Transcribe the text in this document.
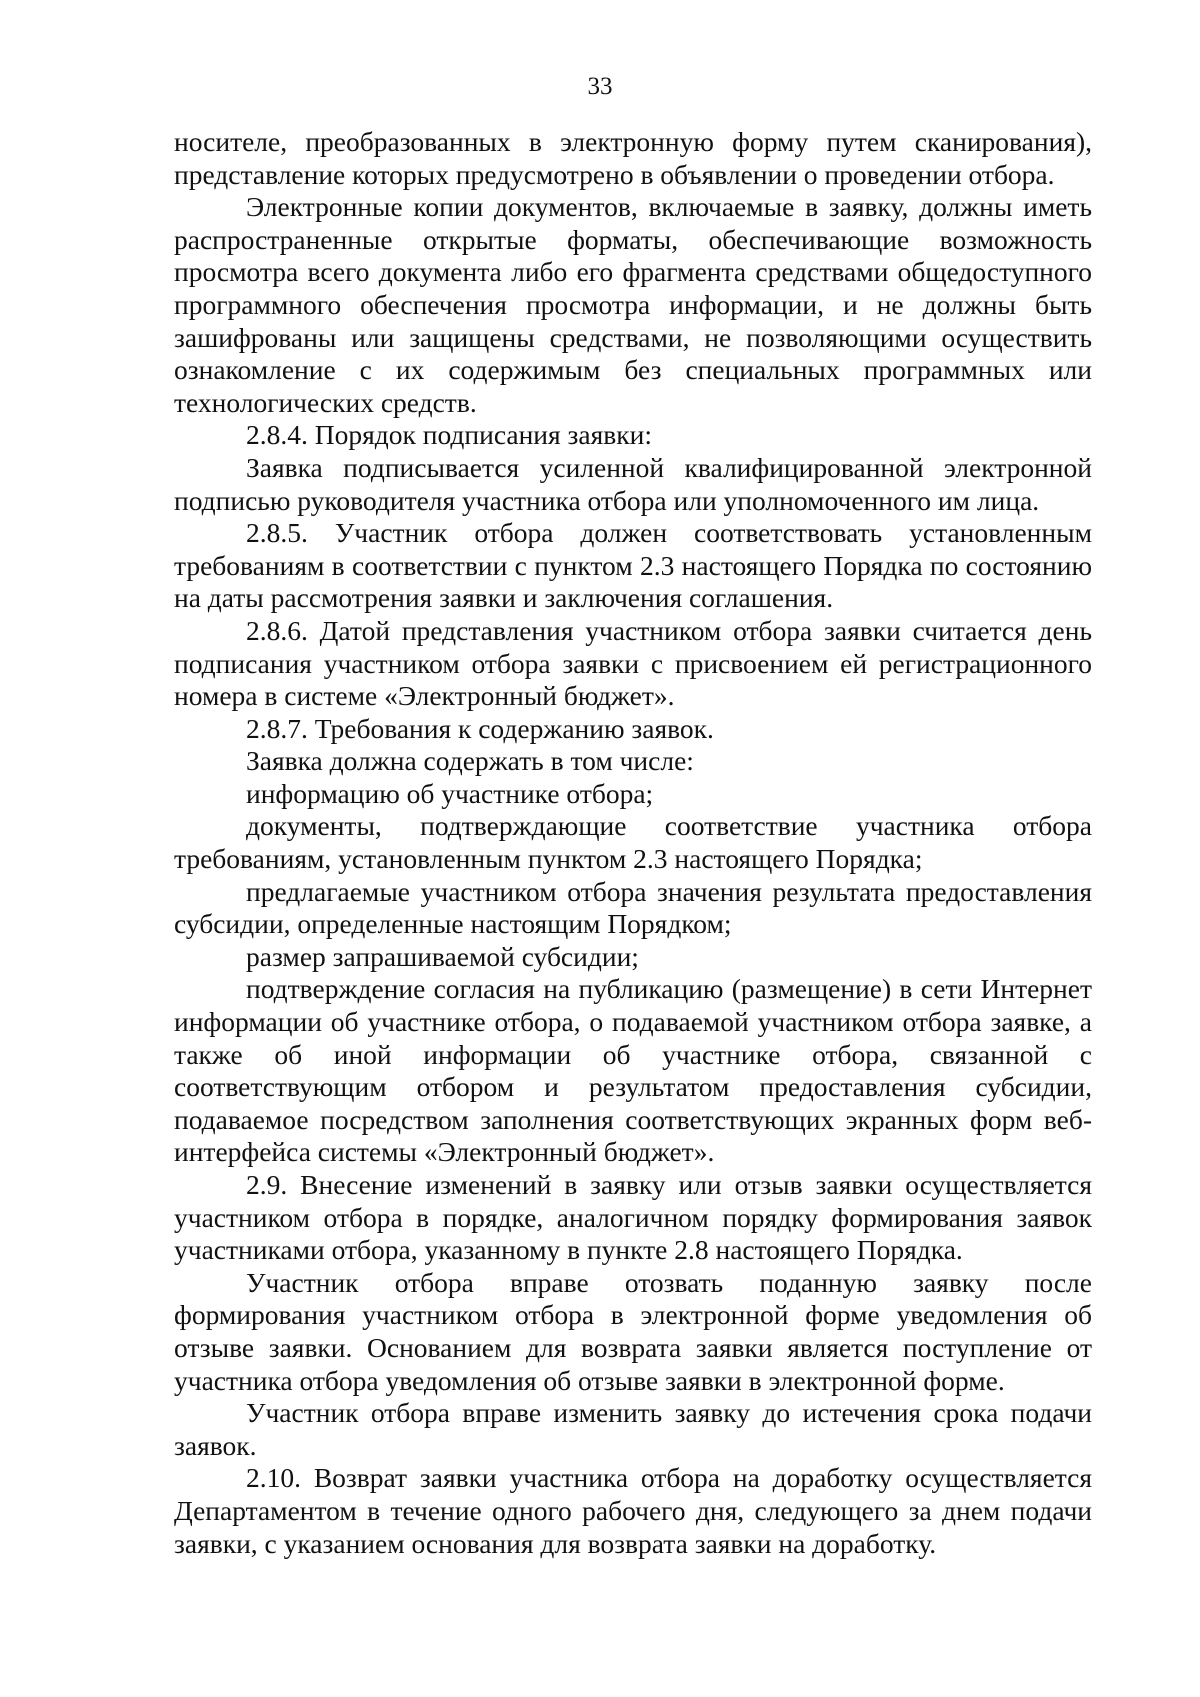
33

носителе, преобразованных в электронную форму путем сканирования), представление которых предусмотрено в объявлении о проведении отбора.

Электронные копии документов, включаемые в заявку, должны иметь распространенные открытые форматы, обеспечивающие возможность просмотра всего документа либо его фрагмента средствами общедоступного программного обеспечения просмотра информации, и не должны быть зашифрованы или защищены средствами, не позволяющими осуществить ознакомление с их содержимым без специальных программных или технологических средств.

2.8.4. Порядок подписания заявки:

Заявка подписывается усиленной квалифицированной электронной подписью руководителя участника отбора или уполномоченного им лица.

2.8.5. Участник отбора должен соответствовать установленным требованиям в соответствии с пунктом 2.3 настоящего Порядка по состоянию на даты рассмотрения заявки и заключения соглашения.

2.8.6. Датой представления участником отбора заявки считается день подписания участником отбора заявки с присвоением ей регистрационного номера в системе «Электронный бюджет».

2.8.7. Требования к содержанию заявок.

Заявка должна содержать в том числе:

информацию об участнике отбора;

документы, подтверждающие соответствие участника отбора требованиям, установленным пунктом 2.3 настоящего Порядка;

предлагаемые участником отбора значения результата предоставления субсидии, определенные настоящим Порядком;

размер запрашиваемой субсидии;

подтверждение согласия на публикацию (размещение) в сети Интернет информации об участнике отбора, о подаваемой участником отбора заявке, а также об иной информации об участнике отбора, связанной с соответствующим отбором и результатом предоставления субсидии, подаваемое посредством заполнения соответствующих экранных форм веб-интерфейса системы «Электронный бюджет».

2.9. Внесение изменений в заявку или отзыв заявки осуществляется участником отбора в порядке, аналогичном порядку формирования заявок участниками отбора, указанному в пункте 2.8 настоящего Порядка.

Участник отбора вправе отозвать поданную заявку после формирования участником отбора в электронной форме уведомления об отзыве заявки. Основанием для возврата заявки является поступление от участника отбора уведомления об отзыве заявки в электронной форме.

Участник отбора вправе изменить заявку до истечения срока подачи заявок.

2.10. Возврат заявки участника отбора на доработку осуществляется Департаментом в течение одного рабочего дня, следующего за днем подачи заявки, с указанием основания для возврата заявки на доработку.
